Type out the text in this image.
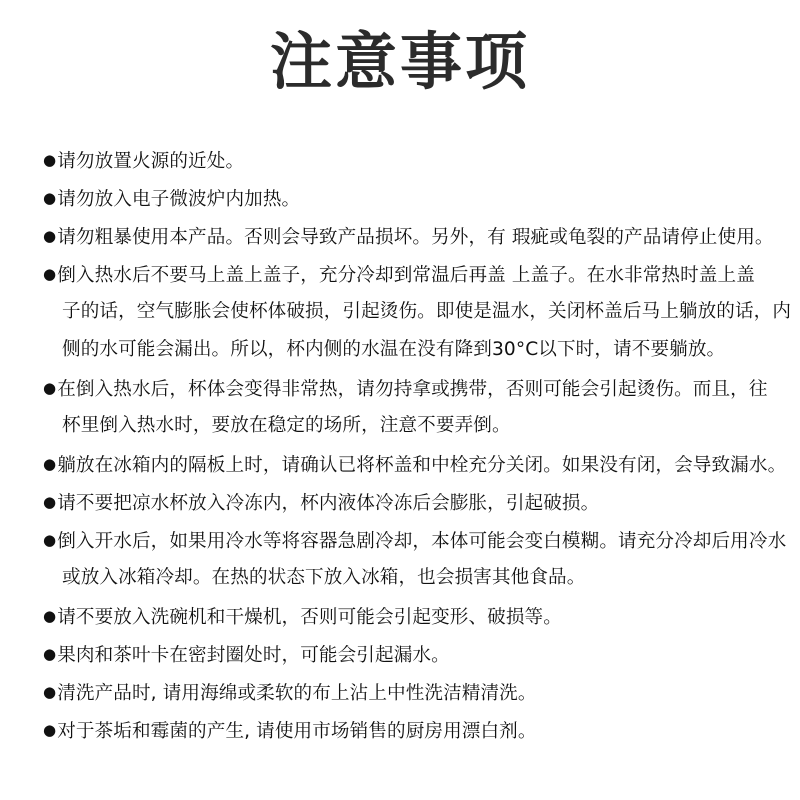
注意事项
●请勿放置火源的近处。
●请勿放入电子微波炉内加热。
●请勿粗暴使用本产品。否则会导致产品损坏。另外，有 瑕疵或龟裂的产品请停止使用。
●倒入热水后不要马上盖上盖子，充分冷却到常温后再盖 上盖子。在水非常热时盖上盖
子的话，空气膨胀会使杯体破损，引起烫伤。即使是温水，关闭杯盖后马上躺放的话，内
侧的水可能会漏出。所以，杯内侧的水温在没有降到30°C以下时，请不要躺放。
●在倒入热水后，杯体会变得非常热，请勿持拿或携带，否则可能会引起烫伤。而且，往
杯里倒入热水时，要放在稳定的场所，注意不要弄倒。
●躺放在冰箱内的隔板上时，请确认已将杯盖和中栓充分关闭。如果没有闭，会导致漏水。
●请不要把凉水杯放入冷冻内，杯内液体冷冻后会膨胀，引起破损。
●倒入开水后，如果用冷水等将容器急剧冷却，本体可能会变白模糊。请充分冷却后用冷水
或放入冰箱冷却。在热的状态下放入冰箱，也会损害其他食品。
●请不要放入洗碗机和干燥机，否则可能会引起变形、破损等。
●果肉和茶叶卡在密封圈处时，可能会引起漏水。
●清洗产品时, 请用海绵或柔软的布上沾上中性洗洁精清洗。
●对于茶垢和霉菌的产生, 请使用市场销售的厨房用漂白剂。
